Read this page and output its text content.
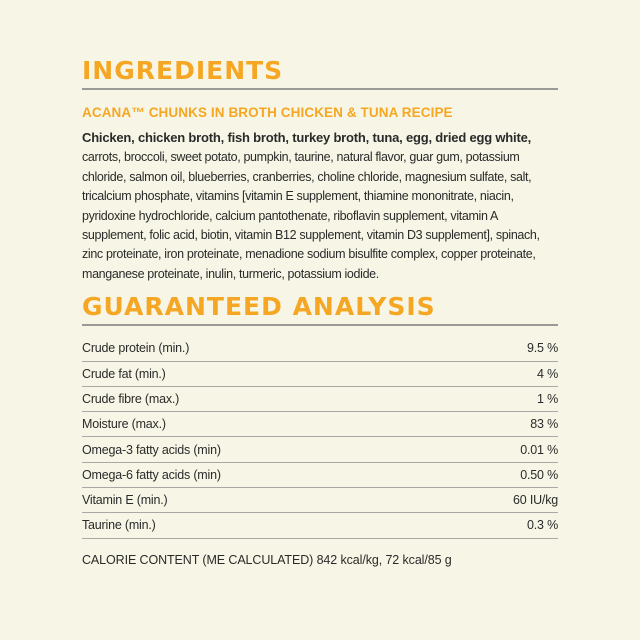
INGREDIENTS
ACANA™ CHUNKS IN BROTH CHICKEN & TUNA RECIPE
Chicken, chicken broth, fish broth, turkey broth, tuna, egg, dried egg white, carrots, broccoli, sweet potato, pumpkin, taurine, natural flavor, guar gum, potassium chloride, salmon oil, blueberries, cranberries, choline chloride, magnesium sulfate, salt, tricalcium phosphate, vitamins [vitamin E supplement, thiamine mononitrate, niacin, pyridoxine hydrochloride, calcium pantothenate, riboflavin supplement, vitamin A supplement, folic acid, biotin, vitamin B12 supplement, vitamin D3 supplement], spinach, zinc proteinate, iron proteinate, menadione sodium bisulfite complex, copper proteinate, manganese proteinate, inulin, turmeric, potassium iodide.
GUARANTEED ANALYSIS
Crude protein (min.)	9.5 %
Crude fat (min.)	4 %
Crude fibre (max.)	1 %
Moisture (max.)	83 %
Omega-3 fatty acids (min)	0.01 %
Omega-6 fatty acids (min)	0.50 %
Vitamin E (min.)	60 IU/kg
Taurine (min.)	0.3 %
CALORIE CONTENT (ME CALCULATED) 842 kcal/kg, 72 kcal/85 g
